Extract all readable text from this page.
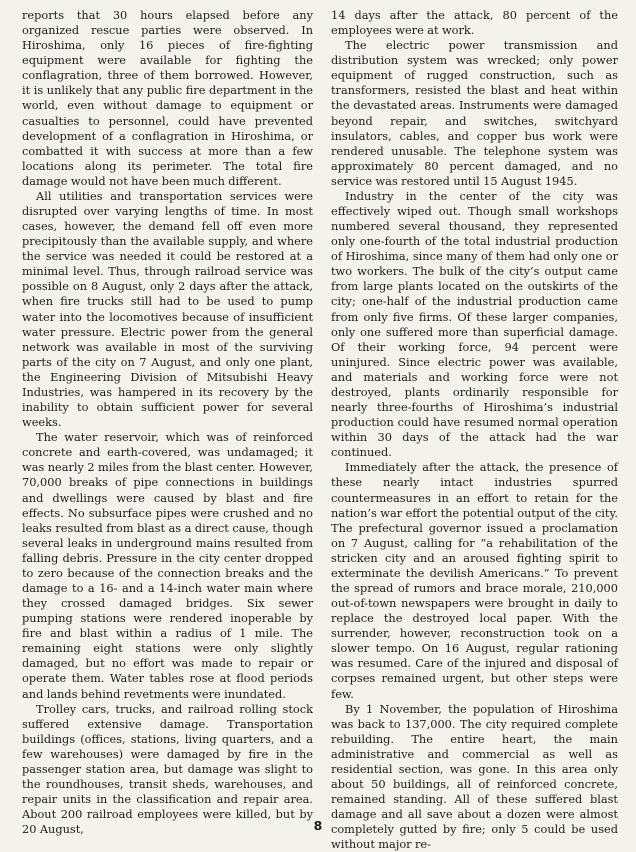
reports that 30 hours elapsed before any organized rescue parties were observed. In Hiroshima, only 16 pieces of fire-fighting equipment were available for fighting the conflagration, three of them borrowed. However, it is unlikely that any public fire department in the world, even without damage to equipment or casualties to personnel, could have prevented development of a conflagration in Hiroshima, or combatted it with success at more than a few locations along its perimeter. The total fire damage would not have been much different.

All utilities and transportation services were disrupted over varying lengths of time. In most cases, however, the demand fell off even more precipitously than the available supply, and where the service was needed it could be restored at a minimal level. Thus, through railroad service was possible on 8 August, only 2 days after the attack, when fire trucks still had to be used to pump water into the locomotives because of insufficient water pressure. Electric power from the general network was available in most of the surviving parts of the city on 7 August, and only one plant, the Engineering Division of Mitsubishi Heavy Industries, was hampered in its recovery by the inability to obtain sufficient power for several weeks.

The water reservoir, which was of reinforced concrete and earth-covered, was undamaged; it was nearly 2 miles from the blast center. However, 70,000 breaks of pipe connections in buildings and dwellings were caused by blast and fire effects. No subsurface pipes were crushed and no leaks resulted from blast as a direct cause, though several leaks in underground mains resulted from falling debris. Pressure in the city center dropped to zero because of the connection breaks and the damage to a 16- and a 14-inch water main where they crossed damaged bridges. Six sewer pumping stations were rendered inoperable by fire and blast within a radius of 1 mile. The remaining eight stations were only slightly damaged, but no effort was made to repair or operate them. Water tables rose at flood periods and lands behind revetments were inundated.

Trolley cars, trucks, and railroad rolling stock suffered extensive damage. Transportation buildings (offices, stations, living quarters, and a few warehouses) were damaged by fire in the passenger station area, but damage was slight to the roundhouses, transit sheds, warehouses, and repair units in the classification and repair area. About 200 railroad employees were killed, but by 20 August,

14 days after the attack, 80 percent of the employees were at work.

The electric power transmission and distribution system was wrecked; only power equipment of rugged construction, such as transformers, resisted the blast and heat within the devastated areas. Instruments were damaged beyond repair, and switches, switchyard insulators, cables, and copper bus work were rendered unusable. The telephone system was approximately 80 percent damaged, and no service was restored until 15 August 1945.

Industry in the center of the city was effectively wiped out. Though small workshops numbered several thousand, they represented only one-fourth of the total industrial production of Hiroshima, since many of them had only one or two workers. The bulk of the city’s output came from large plants located on the outskirts of the city; one-half of the industrial production came from only five firms. Of these larger companies, only one suffered more than superficial damage. Of their working force, 94 percent were uninjured. Since electric power was available, and materials and working force were not destroyed, plants ordinarily responsible for nearly three-fourths of Hiroshima’s industrial production could have resumed normal operation within 30 days of the attack had the war continued.

Immediately after the attack, the presence of these nearly intact industries spurred countermeasures in an effort to retain for the nation’s war effort the potential output of the city. The prefectural governor issued a proclamation on 7 August, calling for “a rehabilitation of the stricken city and an aroused fighting spirit to exterminate the devilish Americans.” To prevent the spread of rumors and brace morale, 210,000 out-of-town newspapers were brought in daily to replace the destroyed local paper. With the surrender, however, reconstruction took on a slower tempo. On 16 August, regular rationing was resumed. Care of the injured and disposal of corpses remained urgent, but other steps were few.

By 1 November, the population of Hiroshima was back to 137,000. The city required complete rebuilding. The entire heart, the main administrative and commercial as well as residential section, was gone. In this area only about 50 buildings, all of reinforced concrete, remained standing. All of these suffered blast damage and all save about a dozen were almost completely gutted by fire; only 5 could be used without major re-

8
